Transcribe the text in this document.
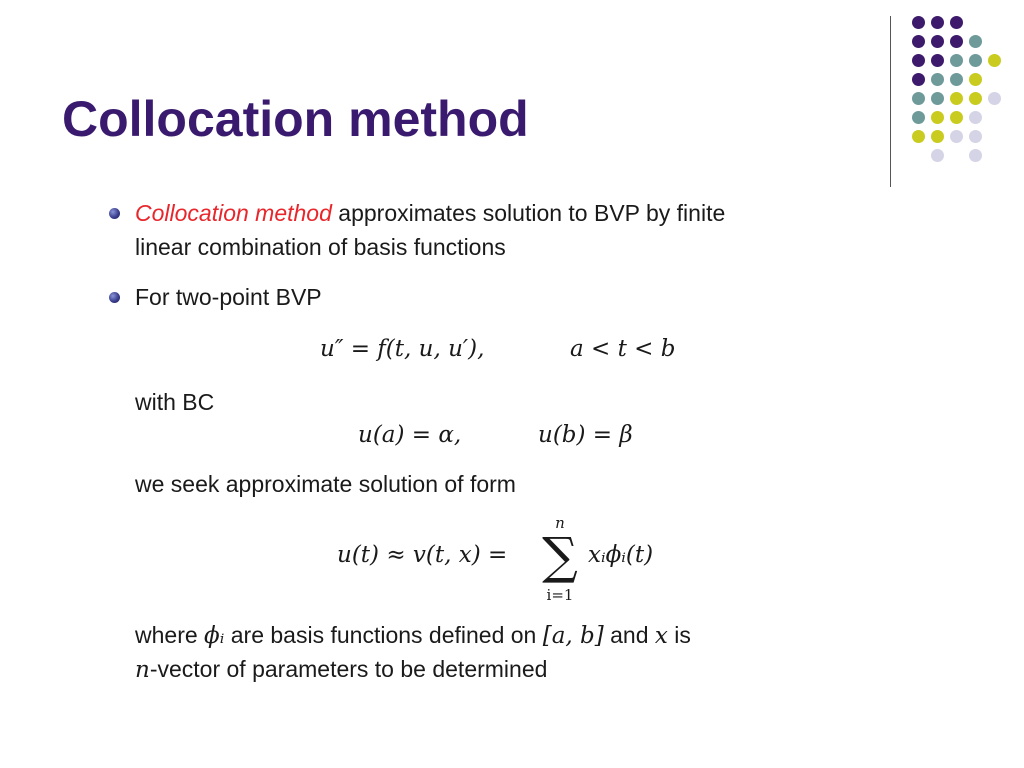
Collocation method

Collocation method approximates solution to BVP by finite

linear combination of basis functions

For two-point BVP

u″ = f(t, u, u′),	a < t < b

with BC

u(a) = α,	u(b) = β

we seek approximate solution of form

u(t) ≈ v(t, x) =
n
∑
i=1
xᵢϕᵢ(t)

where ϕᵢ are basis functions defined on [a, b] and x is

n-vector of parameters to be determined
